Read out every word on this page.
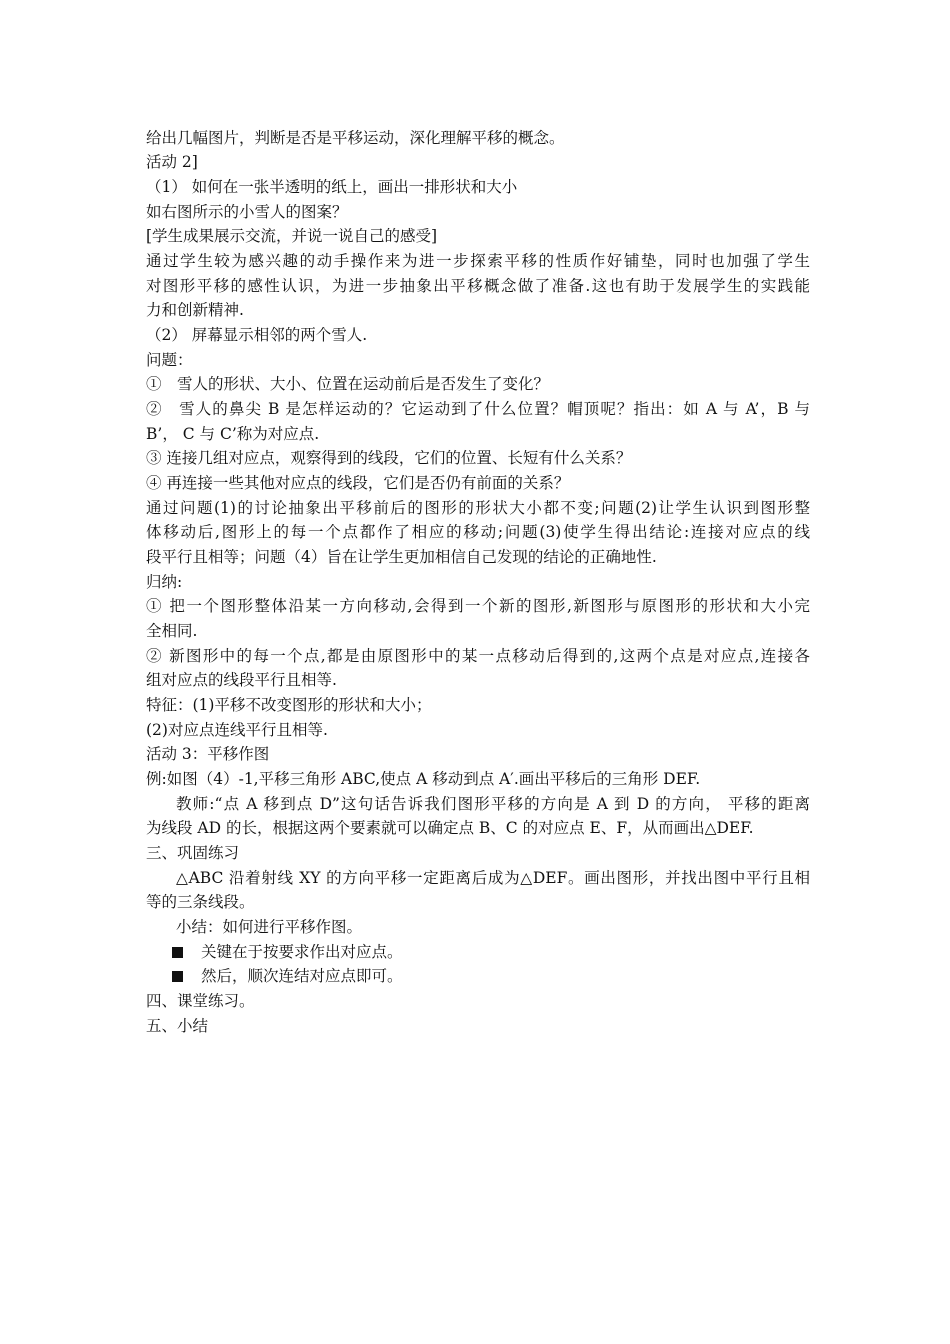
给出几幅图片，判断是否是平移运动，深化理解平移的概念。
活动 2]
（1） 如何在一张半透明的纸上，画出一排形状和大小
如右图所示的小雪人的图案？
[学生成果展示交流，并说一说自己的感受]
通过学生较为感兴趣的动手操作来为进一步探索平移的性质作好铺垫，同时也加强了学生
对图形平移的感性认识，为进一步抽象出平移概念做了准备.这也有助于发展学生的实践能
力和创新精神.
（2） 屏幕显示相邻的两个雪人.
问题：
①　雪人的形状、大小、位置在运动前后是否发生了变化？
②　雪人的鼻尖 B 是怎样运动的？它运动到了什么位置？帽顶呢？指出：如 A 与 A’，B 与
B’， C 与 C’称为对应点.
③ 连接几组对应点，观察得到的线段，它们的位置、长短有什么关系？
④ 再连接一些其他对应点的线段，它们是否仍有前面的关系？
通过问题(1)的讨论抽象出平移前后的图形的形状大小都不变;问题(2)让学生认识到图形整
体移动后,图形上的每一个点都作了相应的移动;问题(3)使学生得出结论:连接对应点的线
段平行且相等；问题（4）旨在让学生更加相信自己发现的结论的正确地性.
归纳:
① 把一个图形整体沿某一方向移动,会得到一个新的图形,新图形与原图形的形状和大小完
全相同.
② 新图形中的每一个点,都是由原图形中的某一点移动后得到的,这两个点是对应点,连接各
组对应点的线段平行且相等.
特征：(1)平移不改变图形的形状和大小；
(2)对应点连线平行且相等.
活动 3：平移作图
例:如图（4）-1,平移三角形 ABC,使点 A 移动到点 A′.画出平移后的三角形 DEF.
教师:“点 A 移到点 D”这句话告诉我们图形平移的方向是 A 到 D 的方向， 平移的距离
为线段 AD 的长，根据这两个要素就可以确定点 B、C 的对应点 E、F，从而画出△DEF.
三、巩固练习
△ABC 沿着射线 XY 的方向平移一定距离后成为△DEF。画出图形，并找出图中平行且相
等的三条线段。
小结：如何进行平移作图。
关键在于按要求作出对应点。
然后，顺次连结对应点即可。
四、课堂练习。
五、小结
